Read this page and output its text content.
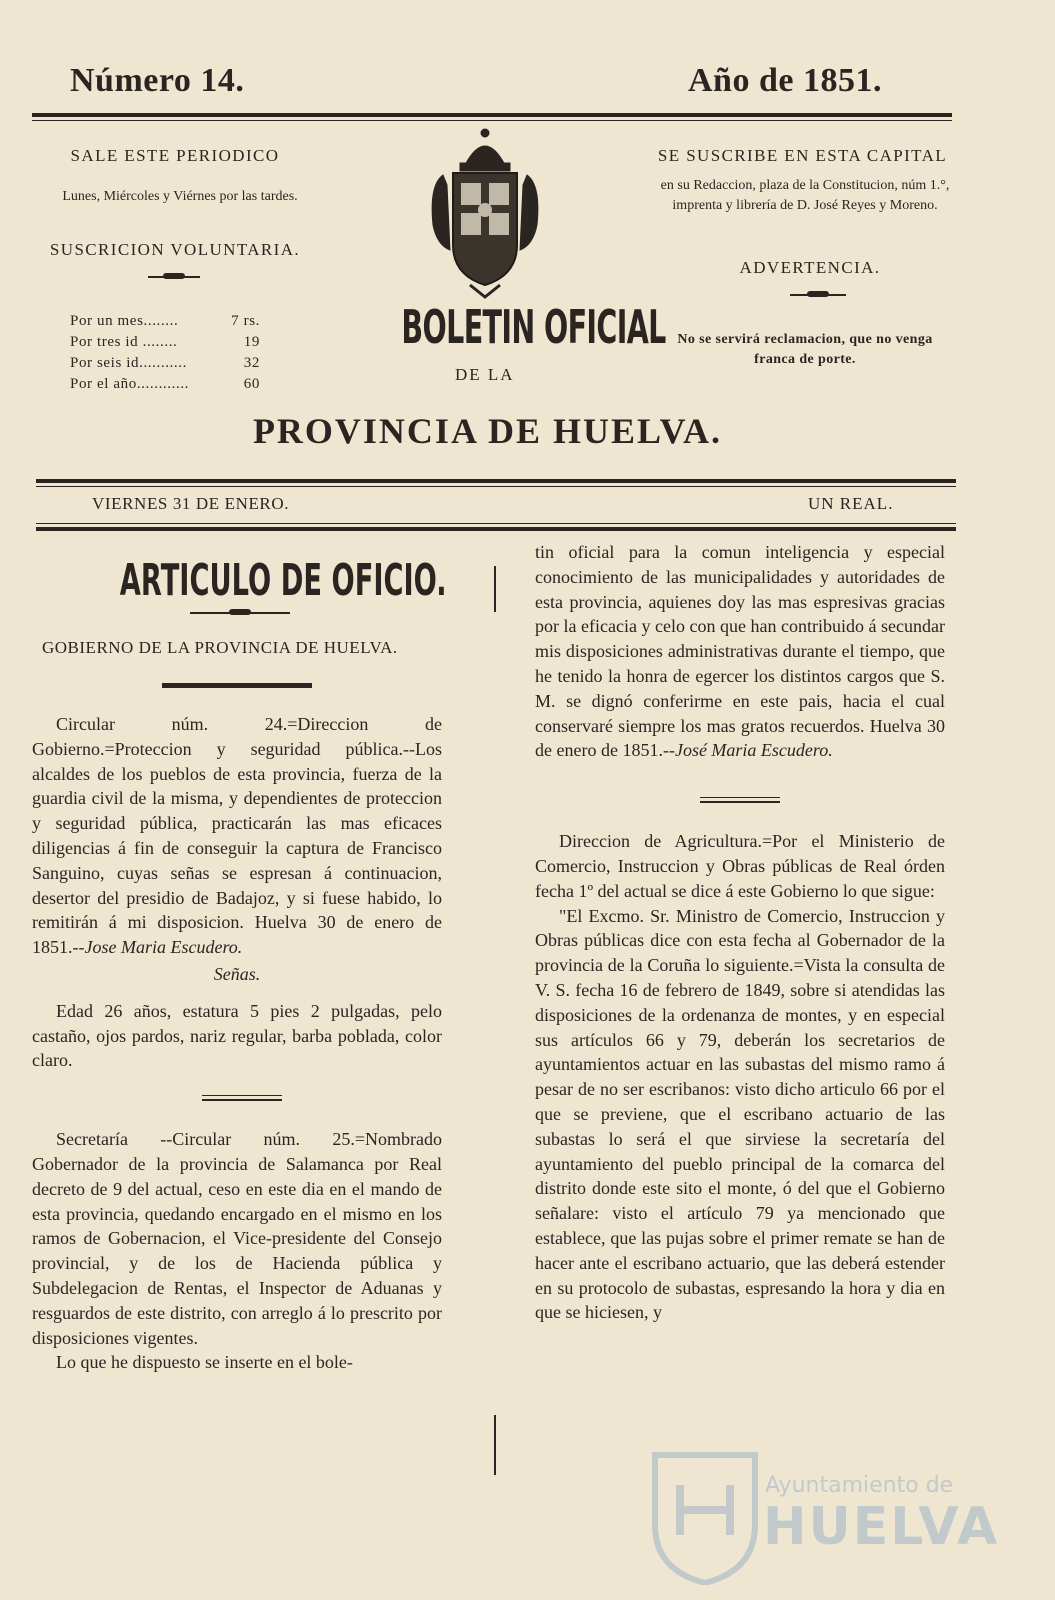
Número 14.	Año de 1851.
SALE ESTE PERIODICO
Lunes, Miércoles y Viérnes por las tardes.
SUSCRICION VOLUNTARIA.
Por un mes........	7 rs.
Por tres id ........	19
Por seis id...........	32
Por el año............	60
BOLETIN OFICIAL
DE LA
PROVINCIA DE HUELVA.
SE SUSCRIBE EN ESTA CAPITAL
en su Redaccion, plaza de la Constitucion, núm 1.°, imprenta y librería de D. José Reyes y Moreno.
ADVERTENCIA.
No se servirá reclamacion, que no venga franca de porte.
VIERNES 31 DE ENERO.	UN REAL.
ARTICULO DE OFICIO.
GOBIERNO DE LA PROVINCIA DE HUELVA.

Circular núm. 24.=Direccion de Gobierno.=Proteccion y seguridad pública.--Los alcaldes de los pueblos de esta provincia, fuerza de la guardia civil de la misma, y dependientes de proteccion y seguridad pública, practicarán las mas eficaces diligencias á fin de conseguir la captura de Francisco Sanguino, cuyas señas se espresan á continuacion, desertor del presidio de Badajoz, y si fuese habido, lo remitirán á mi disposicion. Huelva 30 de enero de 1851.--Jose Maria Escudero.

Señas.

Edad 26 años, estatura 5 pies 2 pulgadas, pelo castaño, ojos pardos, nariz regular, barba poblada, color claro.

Secretaría --Circular núm. 25.=Nombrado Gobernador de la provincia de Salamanca por Real decreto de 9 del actual, ceso en este dia en el mando de esta provincia, quedando encargado en el mismo en los ramos de Gobernacion, el Vice-presidente del Consejo provincial, y de los de Hacienda pública y Subdelegacion de Rentas, el Inspector de Aduanas y resguardos de este distrito, con arreglo á lo prescrito por disposiciones vigentes.

Lo que he dispuesto se inserte en el bole-

tin oficial para la comun inteligencia y especial conocimiento de las municipalidades y autoridades de esta provincia, aquienes doy las mas espresivas gracias por la eficacia y celo con que han contribuido á secundar mis disposiciones administrativas durante el tiempo, que he tenido la honra de egercer los distintos cargos que S. M. se dignó conferirme en este pais, hacia el cual conservaré siempre los mas gratos recuerdos. Huelva 30 de enero de 1851.--José Maria Escudero.

Direccion de Agricultura.=Por el Ministerio de Comercio, Instruccion y Obras públicas de Real órden fecha 1º del actual se dice á este Gobierno lo que sigue:

"El Excmo. Sr. Ministro de Comercio, Instruccion y Obras públicas dice con esta fecha al Gobernador de la provincia de la Coruña lo siguiente.=Vista la consulta de V. S. fecha 16 de febrero de 1849, sobre si atendidas las disposiciones de la ordenanza de montes, y en especial sus artículos 66 y 79, deberán los secretarios de ayuntamientos actuar en las subastas del mismo ramo á pesar de no ser escribanos: visto dicho articulo 66 por el que se previene, que el escribano actuario de las subastas lo será el que sirviese la secretaría del ayuntamiento del pueblo principal de la comarca del distrito donde este sito el monte, ó del que el Gobierno señalare: visto el artículo 79 ya mencionado que establece, que las pujas sobre el primer remate se han de hacer ante el escribano actuario, que las deberá estender en su protocolo de subastas, espresando la hora y dia en que se hiciesen, y

Ayuntamiento de
HUELVA
